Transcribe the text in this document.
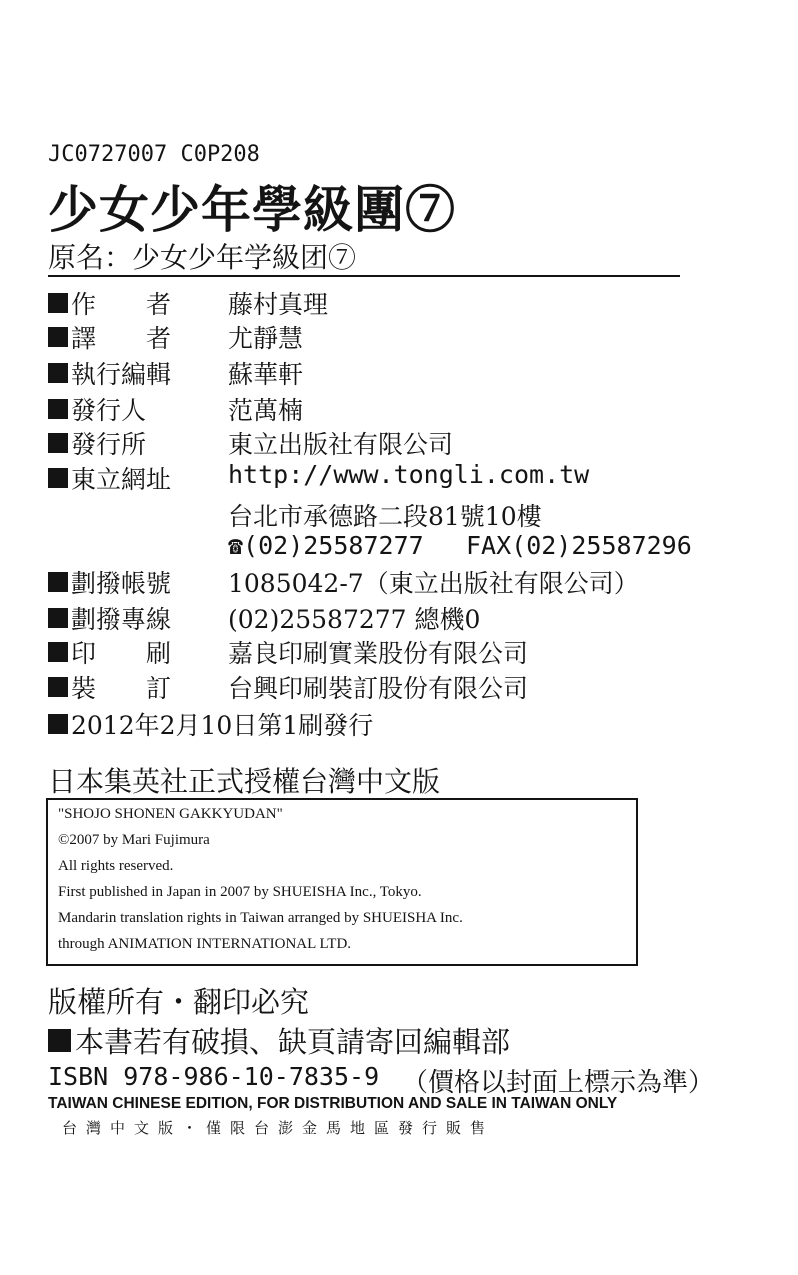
JC0727007 C0P208
少女少年學級團⑦
原名：少女少年学級团⑦
作 者 藤村真理
譯 者 尤靜慧
執行編輯 蘇華軒
發行人	范萬楠
發行所	東立出版社有限公司
東立網址 http://www.tongli.com.tw
台北市承德路二段81號10樓
☎(02)25587277 FAX(02)25587296
劃撥帳號 1085042-7（東立出版社有限公司）
劃撥專線 (02)25587277 總機0
印 刷 嘉良印刷實業股份有限公司
裝 訂 台興印刷裝訂股份有限公司
2012年2月10日第1刷發行
日本集英社正式授權台灣中文版
"SHOJO SHONEN GAKKYUDAN"
©2007 by Mari Fujimura
All rights reserved.
First published in Japan in 2007 by SHUEISHA Inc., Tokyo.
Mandarin translation rights in Taiwan arranged by SHUEISHA Inc.
through ANIMATION INTERNATIONAL LTD.
版權所有・翻印必究
本書若有破損、缺頁請寄回編輯部
ISBN 978-986-10-7835-9 （價格以封面上標示為準）
TAIWAN CHINESE EDITION, FOR DISTRIBUTION AND SALE IN TAIWAN ONLY
台灣中文版・僅限台澎金馬地區發行販售
